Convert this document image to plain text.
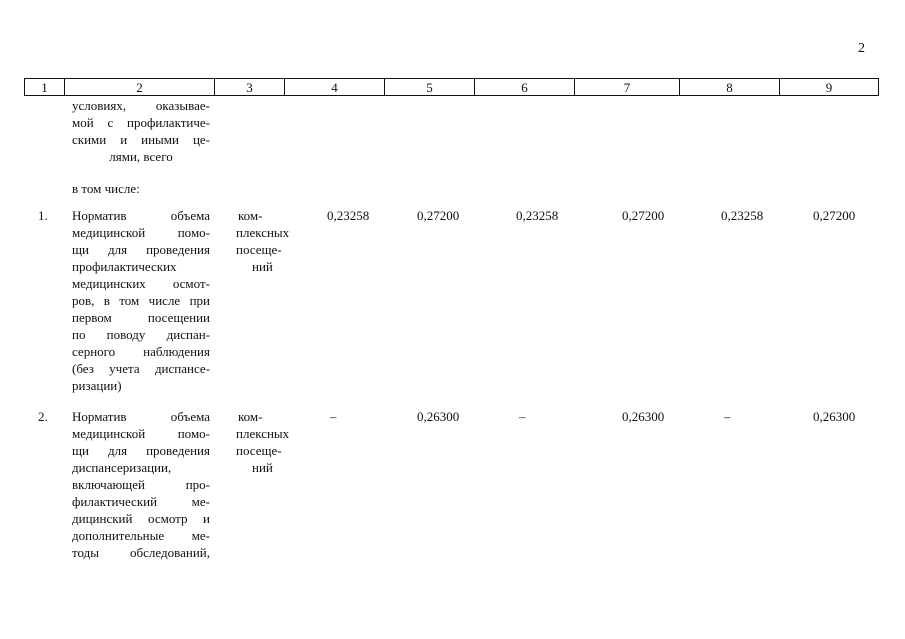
2
1	2	3	4	5	6	7	8	9
условиях, оказывае-
мой с профилактиче-
скими и иными це-
лями, всего
в том числе:
1. Норматив объема
медицинской помо-
щи для проведения
профилактических
медицинских осмот-
ров, в том числе при
первом посещении
по поводу диспан-
серного наблюдения
(без учета диспансе-
ризации)
ком-
плексных
посеще-
ний
0,23258	0,27200	0,23258	0,27200	0,23258	0,27200
2. Норматив объема
медицинской помо-
щи для проведения
диспансеризации,
включающей про-
филактический ме-
дицинский осмотр и
дополнительные ме-
тоды обследований,
ком-
плексных
посеще-
ний
–	0,26300	–	0,26300	–	0,26300
